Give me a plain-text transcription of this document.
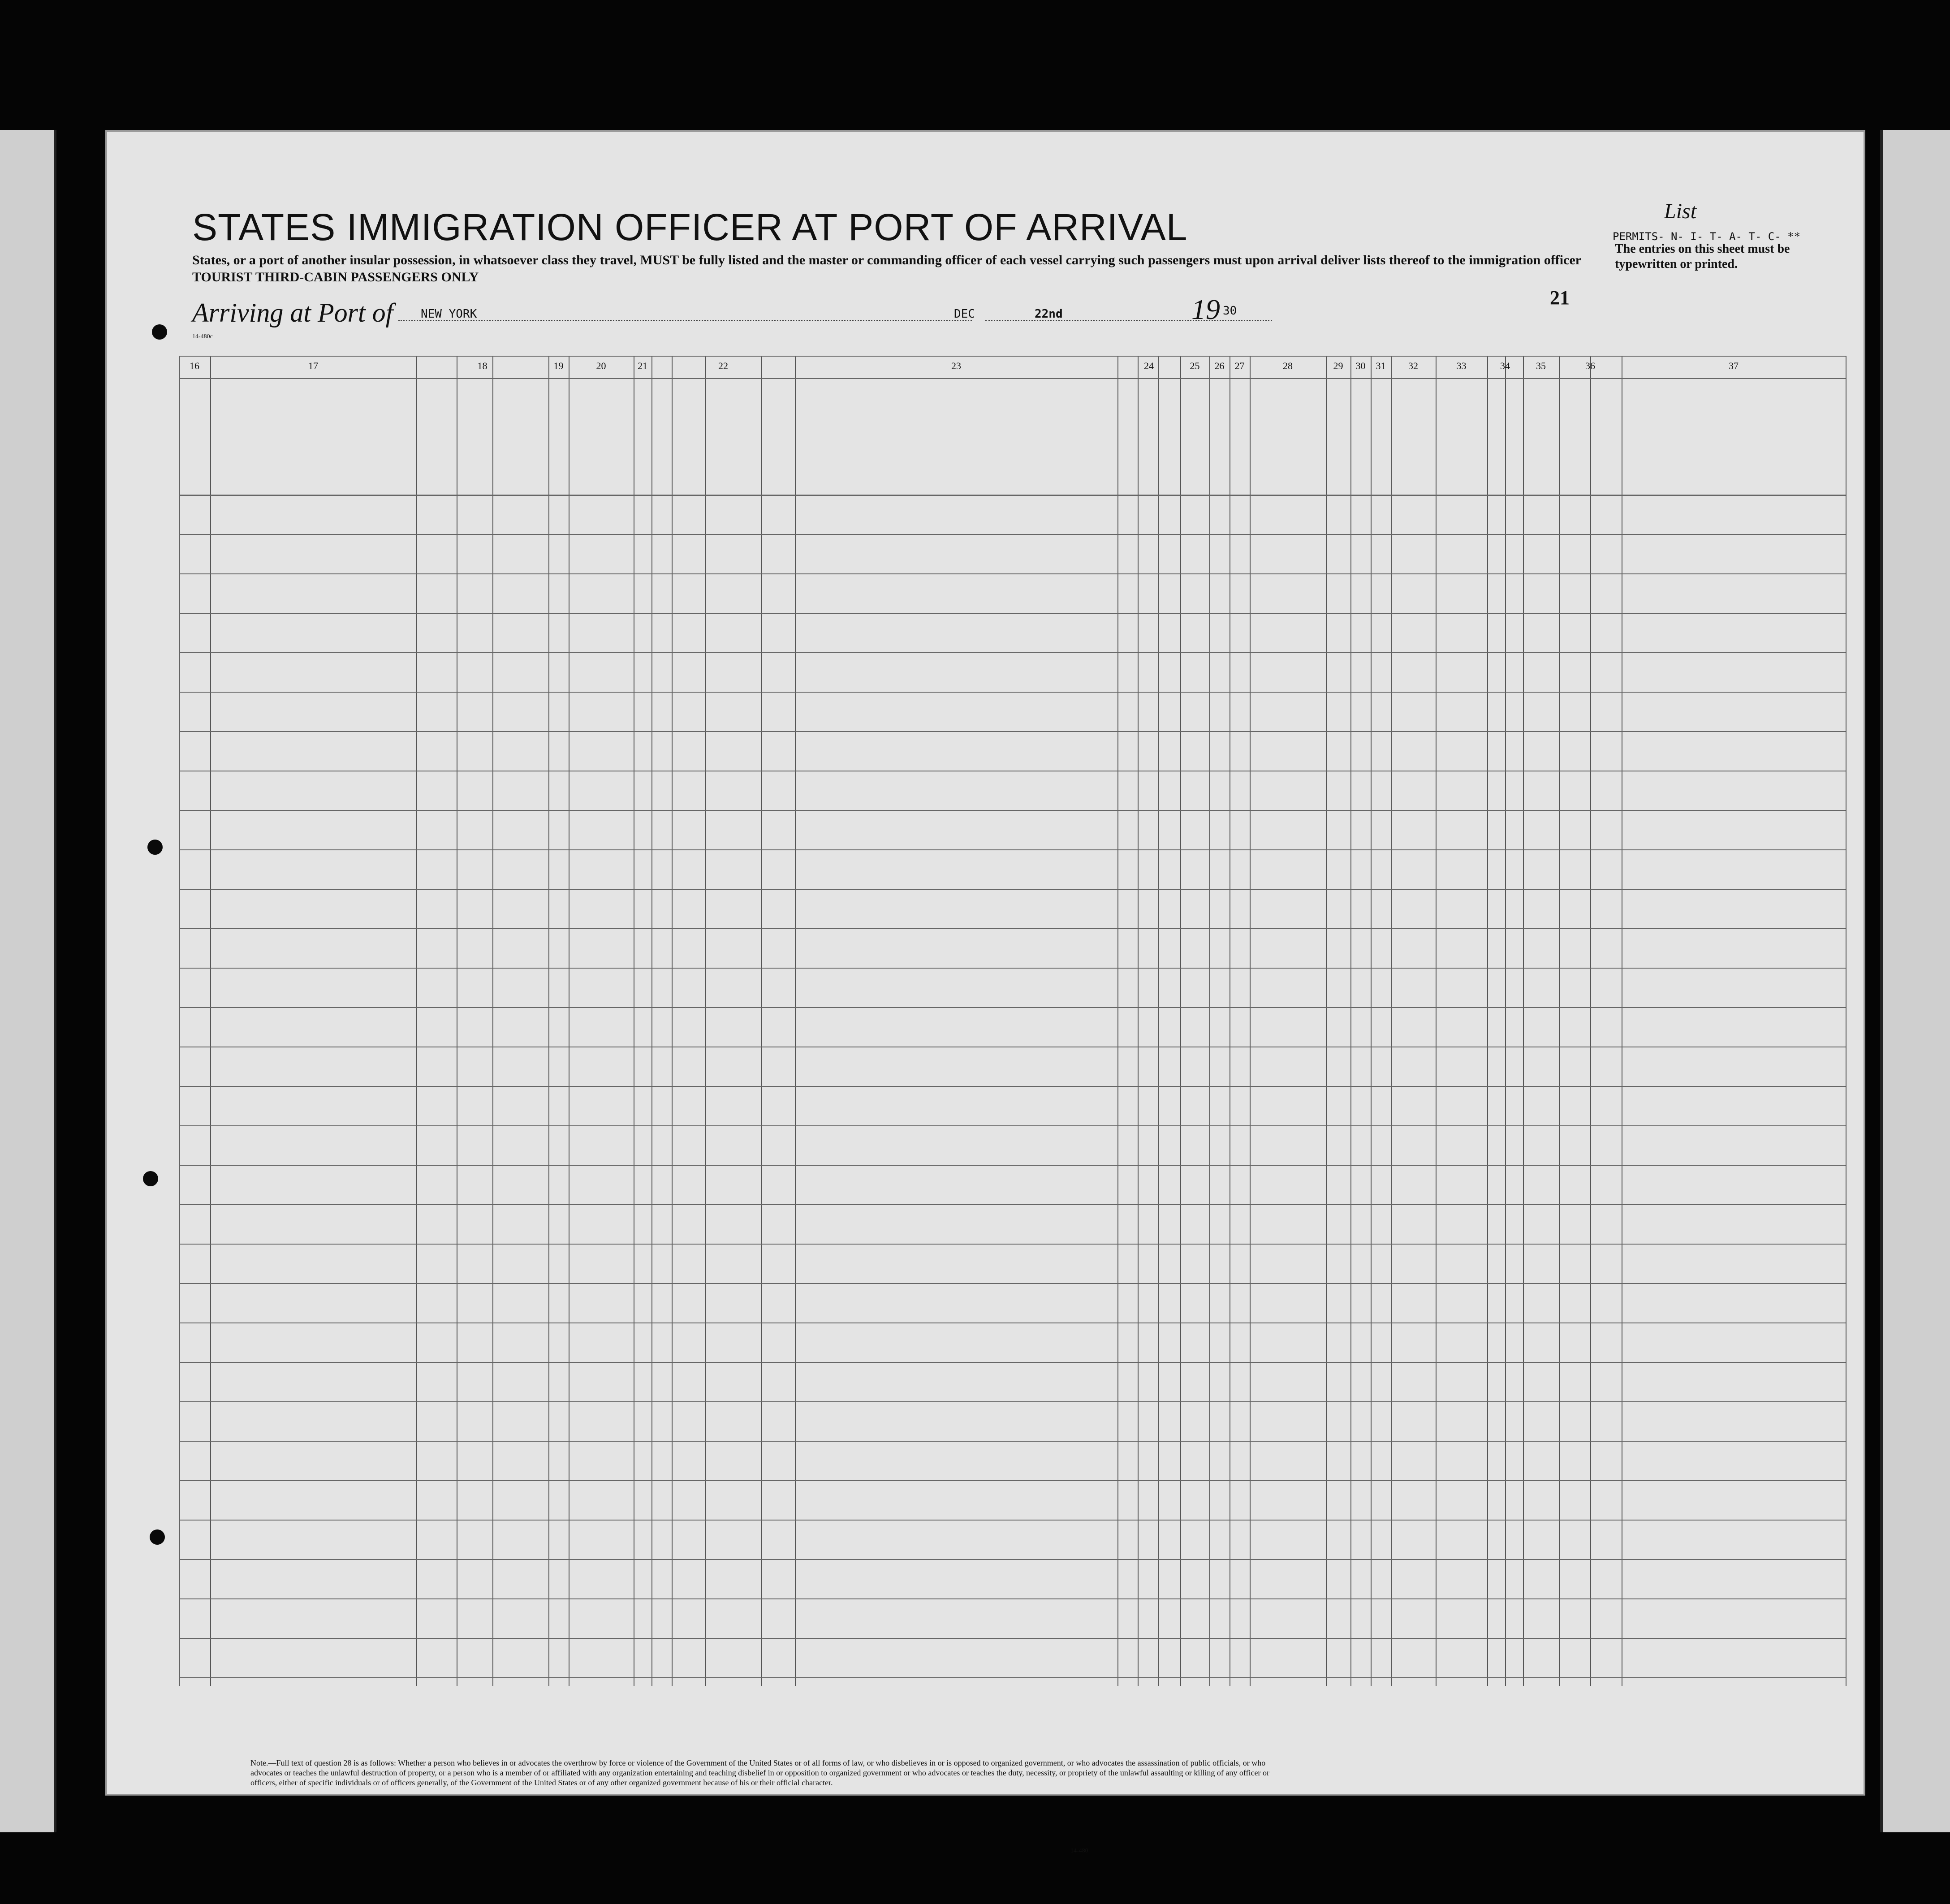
STATES IMMIGRATION OFFICER AT PORT OF ARRIVAL
States, or a port of another insular possession, in whatsoever class they travel, MUST be fully listed and the master or commanding officer of each vessel carrying such passengers must upon arrival deliver lists thereof to the immigration officer
TOURIST THIRD-CABIN PASSENGERS ONLY
List
PERMITS- N- I- T- A- T- C- **
The entries on this sheet must be typewritten or printed.
21
Arriving at Port of NEW YORK	DEC	22nd	19 30
14-480c
16	17	18	19	20	21	22	23	24	25	26	27	28	29	30	31	32	33	34	35	36	37
Note.—Full text of question 28 is as follows: Whether a person who believes in or advocates the overthrow by force or violence of the Government of the United States or of all forms of law, or who disbelieves in or is opposed to organized government, or who advocates the assassination of public officials, or who advocates or teaches the unlawful destruction of property, or a person who is a member of or affiliated with any organization entertaining and teaching disbelief in or opposition to organized government or who advocates or teaches the duty, necessity, or propriety of the unlawful assaulting or killing of any officer or officers, either of specific individuals or of officers generally, of the Government of the United States or of any other organized government because of his or their official character.
14-480
